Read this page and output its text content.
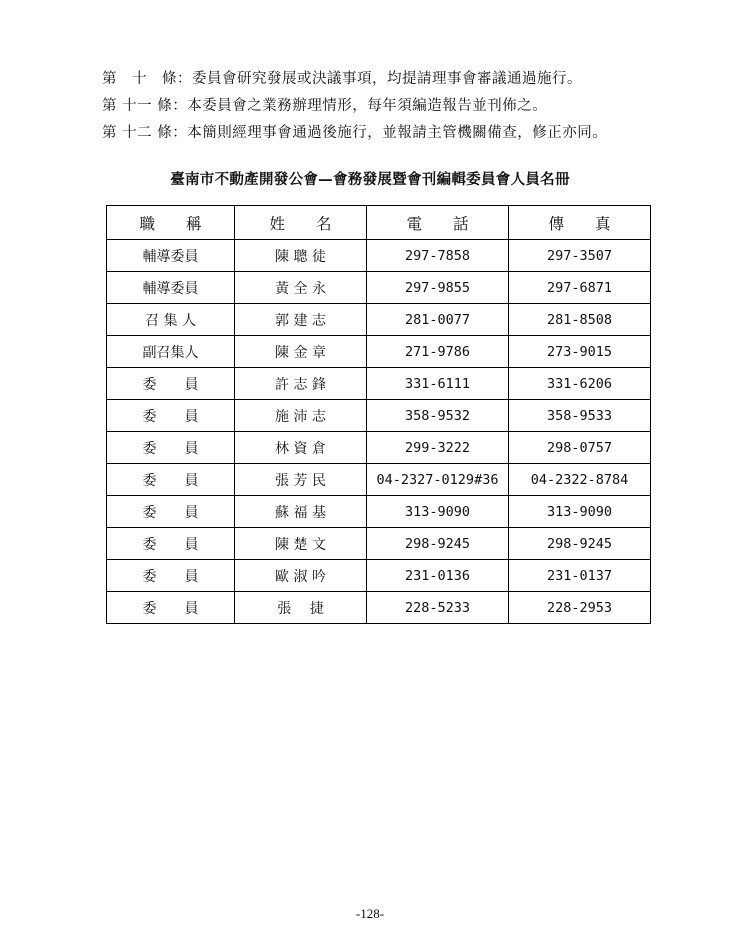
第　十　條：委員會研究發展或決議事項，均提請理事會審議通過施行。
第 十一 條：本委員會之業務辦理情形，每年須編造報告並刊佈之。
第 十二 條：本簡則經理事會通過後施行，並報請主管機關備查，修正亦同。
臺南市不動產開發公會—會務發展暨會刊編輯委員會人員名冊
職　　稱	姓　　名	電　　話	傳　　真
輔導委員	陳 聰 徒	297-7858	297-3507
輔導委員	黃 全 永	297-9855	297-6871
召 集 人	郭 建 志	281-0077	281-8508
副召集人	陳 金 章	271-9786	273-9015
委　　員	許 志 鋒	331-6111	331-6206
委　　員	施 沛 志	358-9532	358-9533
委　　員	林 資 倉	299-3222	298-0757
委　　員	張 芳 民	04-2327-0129#36	04-2322-8784
委　　員	蘇 福 基	313-9090	313-9090
委　　員	陳 楚 文	298-9245	298-9245
委　　員	歐 淑 吟	231-0136	231-0137
委　　員	張　 捷	228-5233	228-2953
-128-
